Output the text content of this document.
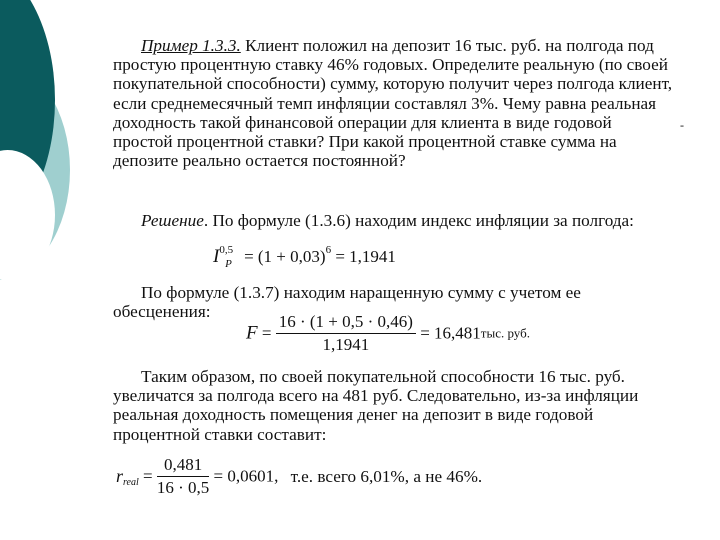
Пример 1.3.3. Клиент положил на депозит 16 тыс. руб. на полгода под простую процентную ставку 46% годовых. Определите реальную (по своей покупательной способности) сумму, которую получит через полгода клиент, если среднемесячный темп инфляции составлял 3%. Чему равна реальная доходность такой финансовой операции для клиента в виде годовой простой процентной ставки? При какой процентной ставке сумма на депозите реально остается постоянной?
Решение. По формуле (1.3.6) находим индекс инфляции за полгода:
$I^{0,5}_P = (1 + 0,03)^6 = 1,1941$
По формуле (1.3.7) находим наращенную сумму с учетом ее обесценения:
$F = \frac{16 \cdot (1 + 0,5 \cdot 0,46)}{1,1941} = 16,481тыс$. руб.
Таким образом, по своей покупательной способности 16 тыс. руб. увеличатся за полгода всего на 481 руб. Следовательно, из-за инфляции реальная доходность помещения денег на депозит в виде годовой процентной ставки составит:
$r_{real} = \frac{0,481}{16 \cdot 0,5} = 0,0601$, т.е. всего 6,01%, а не 46%.
-
